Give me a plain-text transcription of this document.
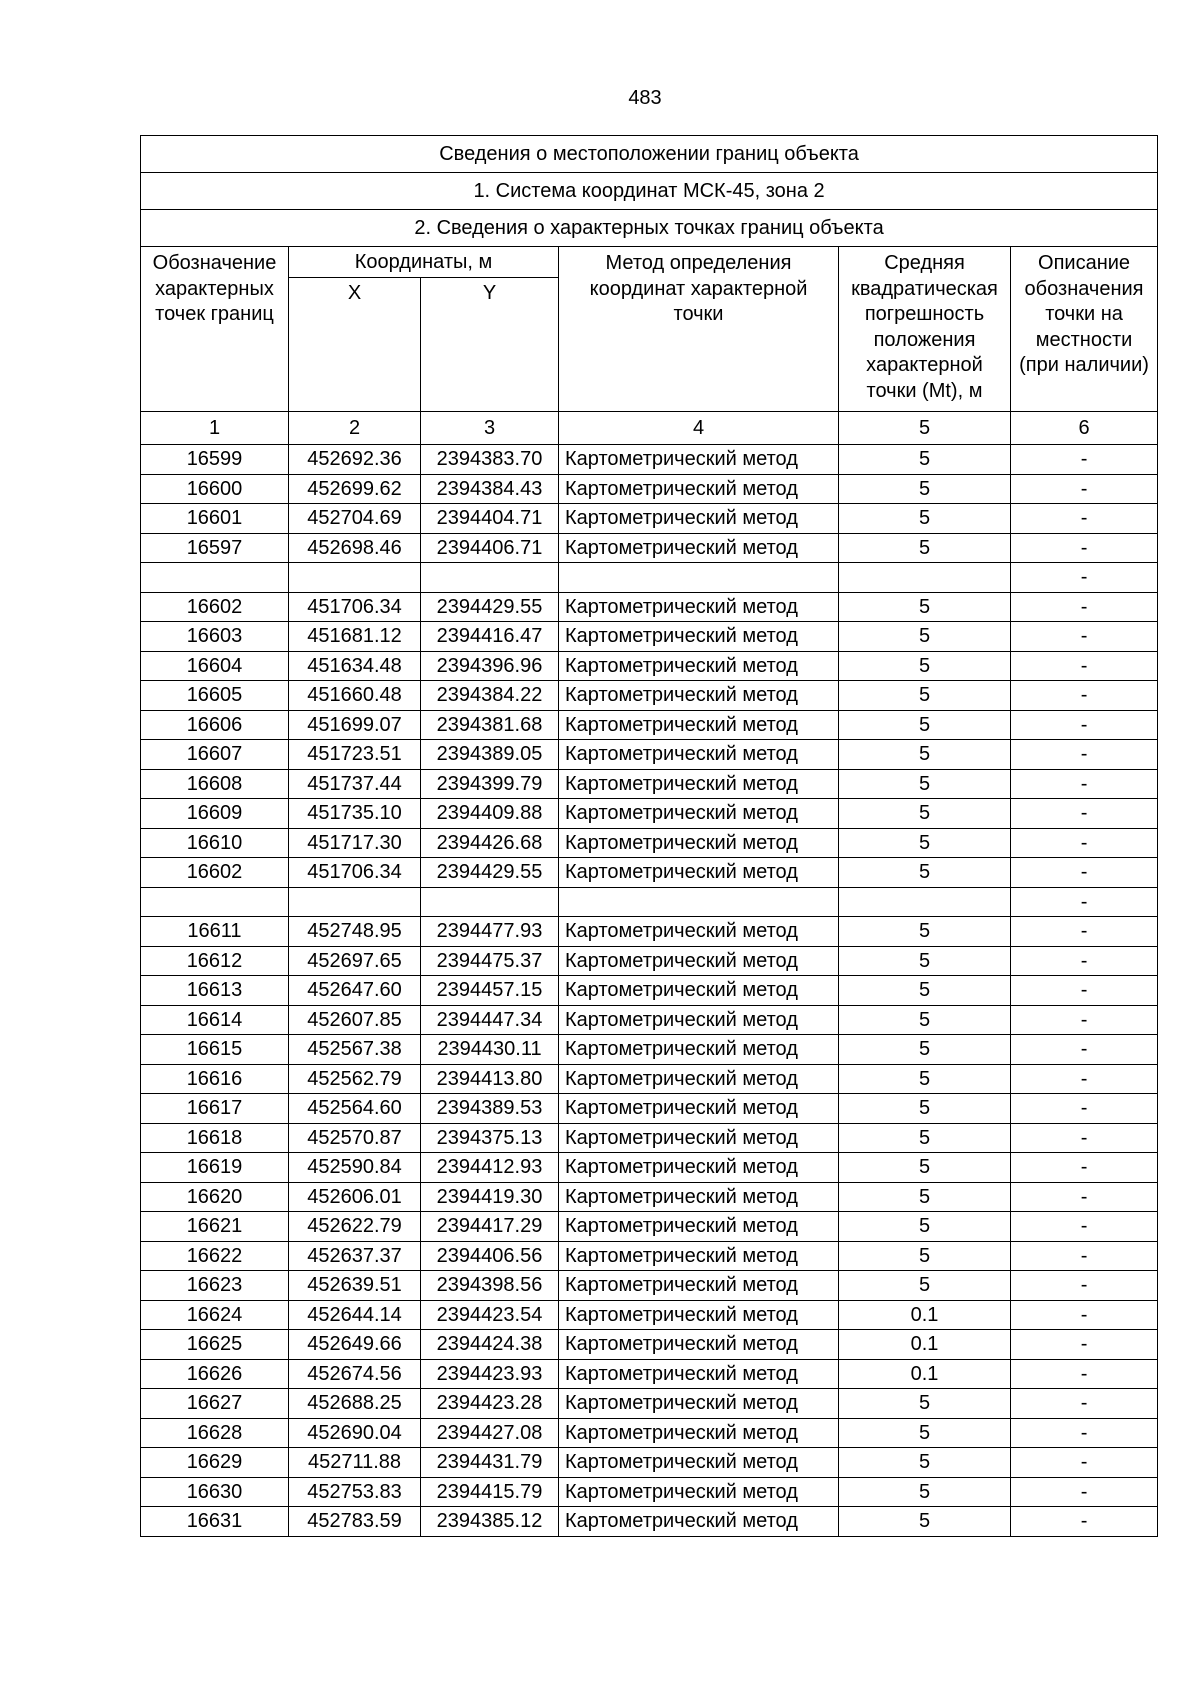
483
Сведения о местоположении границ объекта					
1. Система координат МСК-45, зона 2					
2. Сведения о характерных точках границ объекта					
Обозначение характерных точек границ	Координаты, м		Метод определения координат характерной точки	Средняя квадратическая погрешность положения характерной точки (Mt), м	Описание обозначения точки на местности (при наличии)
	X	Y			
1	2	3	4	5	6
16599	452692.36	2394383.70	Картометрический метод	5	-
16600	452699.62	2394384.43	Картометрический метод	5	-
16601	452704.69	2394404.71	Картометрический метод	5	-
16597	452698.46	2394406.71	Картометрический метод	5	-
					-
16602	451706.34	2394429.55	Картометрический метод	5	-
16603	451681.12	2394416.47	Картометрический метод	5	-
16604	451634.48	2394396.96	Картометрический метод	5	-
16605	451660.48	2394384.22	Картометрический метод	5	-
16606	451699.07	2394381.68	Картометрический метод	5	-
16607	451723.51	2394389.05	Картометрический метод	5	-
16608	451737.44	2394399.79	Картометрический метод	5	-
16609	451735.10	2394409.88	Картометрический метод	5	-
16610	451717.30	2394426.68	Картометрический метод	5	-
16602	451706.34	2394429.55	Картометрический метод	5	-
					-
16611	452748.95	2394477.93	Картометрический метод	5	-
16612	452697.65	2394475.37	Картометрический метод	5	-
16613	452647.60	2394457.15	Картометрический метод	5	-
16614	452607.85	2394447.34	Картометрический метод	5	-
16615	452567.38	2394430.11	Картометрический метод	5	-
16616	452562.79	2394413.80	Картометрический метод	5	-
16617	452564.60	2394389.53	Картометрический метод	5	-
16618	452570.87	2394375.13	Картометрический метод	5	-
16619	452590.84	2394412.93	Картометрический метод	5	-
16620	452606.01	2394419.30	Картометрический метод	5	-
16621	452622.79	2394417.29	Картометрический метод	5	-
16622	452637.37	2394406.56	Картометрический метод	5	-
16623	452639.51	2394398.56	Картометрический метод	5	-
16624	452644.14	2394423.54	Картометрический метод	0.1	-
16625	452649.66	2394424.38	Картометрический метод	0.1	-
16626	452674.56	2394423.93	Картометрический метод	0.1	-
16627	452688.25	2394423.28	Картометрический метод	5	-
16628	452690.04	2394427.08	Картометрический метод	5	-
16629	452711.88	2394431.79	Картометрический метод	5	-
16630	452753.83	2394415.79	Картометрический метод	5	-
16631	452783.59	2394385.12	Картометрический метод	5	-
